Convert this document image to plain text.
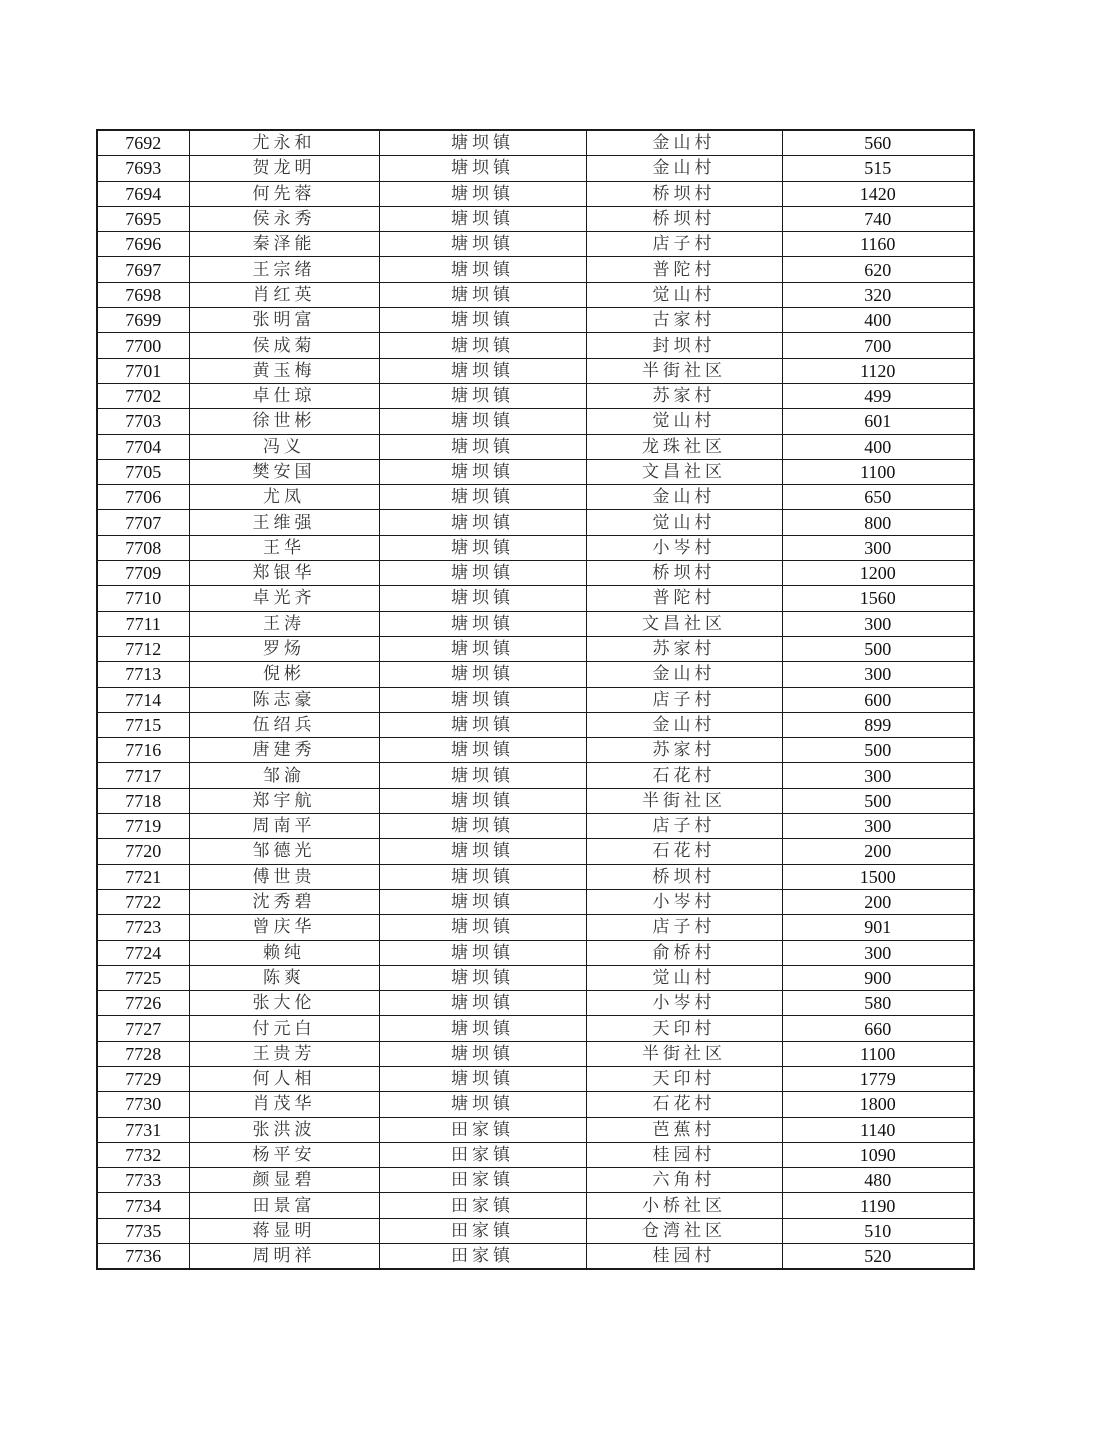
7692	尤永和	塘坝镇	金山村	560
7693	贺龙明	塘坝镇	金山村	515
7694	何先蓉	塘坝镇	桥坝村	1420
7695	侯永秀	塘坝镇	桥坝村	740
7696	秦泽能	塘坝镇	店子村	1160
7697	王宗绪	塘坝镇	普陀村	620
7698	肖红英	塘坝镇	觉山村	320
7699	张明富	塘坝镇	古家村	400
7700	侯成菊	塘坝镇	封坝村	700
7701	黄玉梅	塘坝镇	半街社区	1120
7702	卓仕琼	塘坝镇	苏家村	499
7703	徐世彬	塘坝镇	觉山村	601
7704	冯义	塘坝镇	龙珠社区	400
7705	樊安国	塘坝镇	文昌社区	1100
7706	尤凤	塘坝镇	金山村	650
7707	王维强	塘坝镇	觉山村	800
7708	王华	塘坝镇	小岑村	300
7709	郑银华	塘坝镇	桥坝村	1200
7710	卓光齐	塘坝镇	普陀村	1560
7711	王涛	塘坝镇	文昌社区	300
7712	罗炀	塘坝镇	苏家村	500
7713	倪彬	塘坝镇	金山村	300
7714	陈志豪	塘坝镇	店子村	600
7715	伍绍兵	塘坝镇	金山村	899
7716	唐建秀	塘坝镇	苏家村	500
7717	邹渝	塘坝镇	石花村	300
7718	郑宇航	塘坝镇	半街社区	500
7719	周南平	塘坝镇	店子村	300
7720	邹德光	塘坝镇	石花村	200
7721	傅世贵	塘坝镇	桥坝村	1500
7722	沈秀碧	塘坝镇	小岑村	200
7723	曾庆华	塘坝镇	店子村	901
7724	赖纯	塘坝镇	俞桥村	300
7725	陈爽	塘坝镇	觉山村	900
7726	张大伦	塘坝镇	小岑村	580
7727	付元白	塘坝镇	天印村	660
7728	王贵芳	塘坝镇	半街社区	1100
7729	何人相	塘坝镇	天印村	1779
7730	肖茂华	塘坝镇	石花村	1800
7731	张洪波	田家镇	芭蕉村	1140
7732	杨平安	田家镇	桂园村	1090
7733	颜显碧	田家镇	六角村	480
7734	田景富	田家镇	小桥社区	1190
7735	蒋显明	田家镇	仓湾社区	510
7736	周明祥	田家镇	桂园村	520
